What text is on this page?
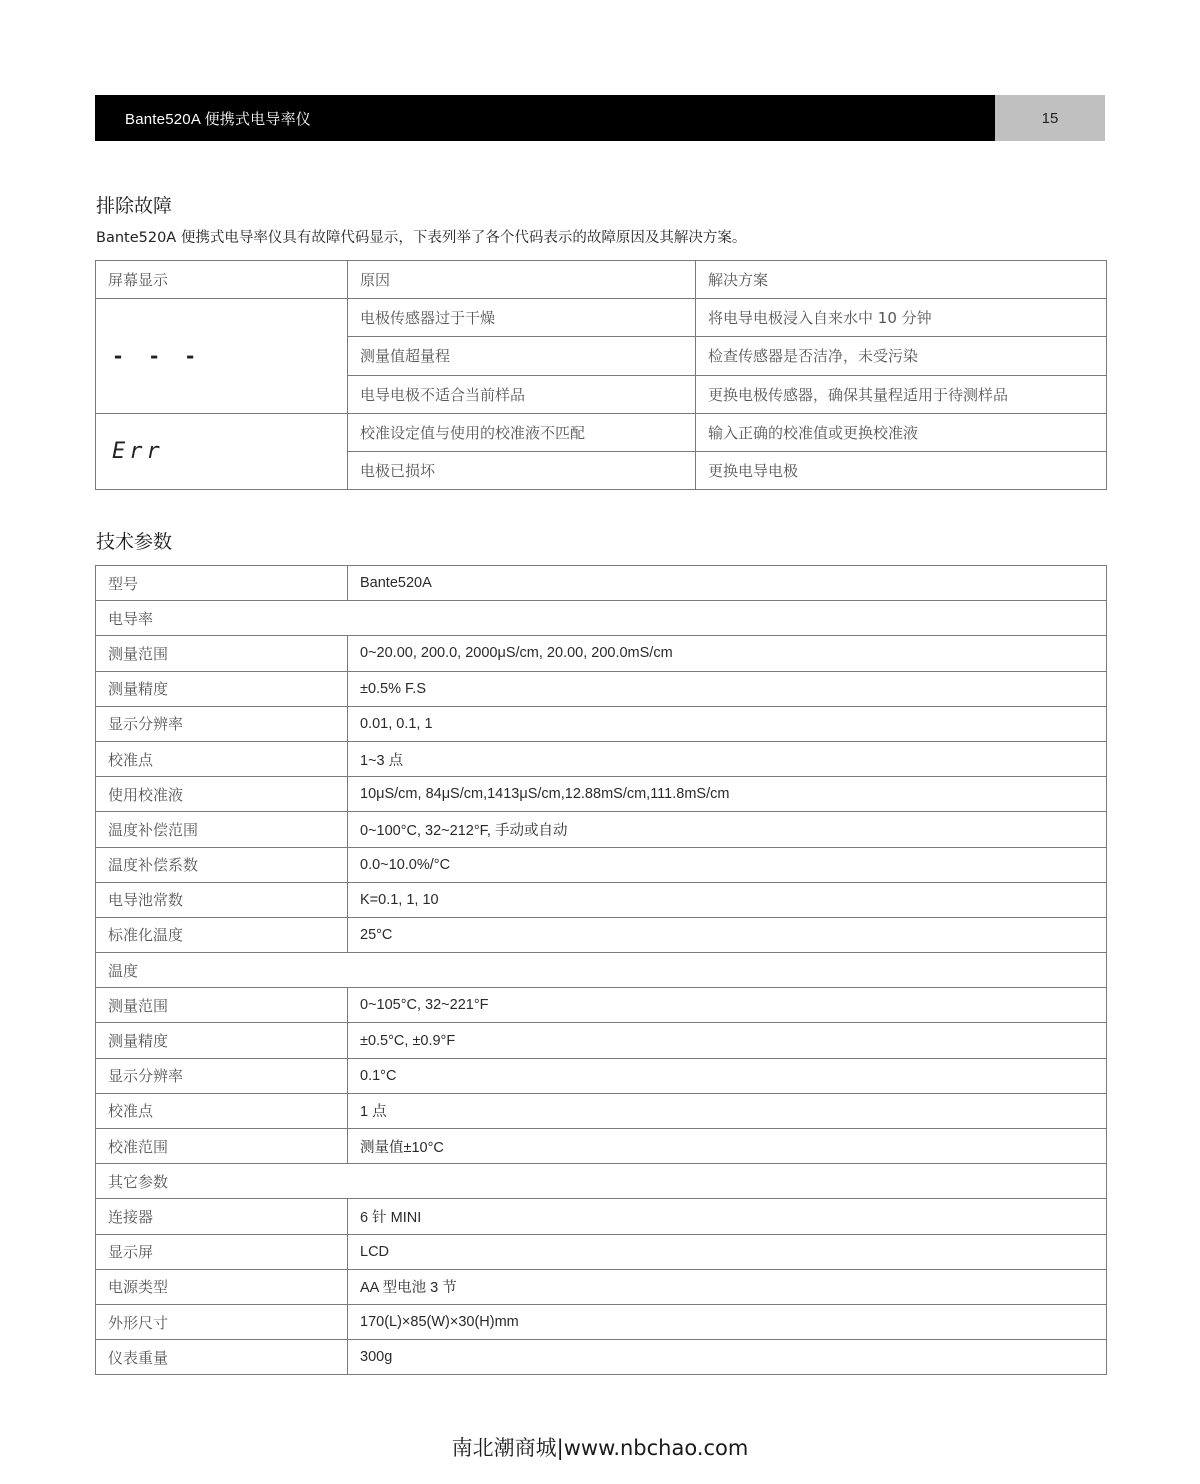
Bante520A 便携式电导率仪	15
排除故障
Bante520A 便携式电导率仪具有故障代码显示，下表列举了各个代码表示的故障原因及其解决方案。
屏幕显示	原因	解决方案
- - -	电极传感器过于干燥	将电导电极浸入自来水中 10 分钟
	测量值超量程	检查传感器是否洁净，未受污染
	电导电极不适合当前样品	更换电极传感器，确保其量程适用于待测样品
Err	校准设定值与使用的校准液不匹配	输入正确的校准值或更换校准液
	电极已损坏	更换电导电极
技术参数
型号	Bante520A
电导率	
测量范围	0~20.00, 200.0, 2000μS/cm, 20.00, 200.0mS/cm
测量精度	±0.5% F.S
显示分辨率	0.01, 0.1, 1
校准点	1~3 点
使用校准液	10μS/cm, 84μS/cm,1413μS/cm,12.88mS/cm,111.8mS/cm
温度补偿范围	0~100°C, 32~212°F, 手动或自动
温度补偿系数	0.0~10.0%/°C
电导池常数	K=0.1, 1, 10
标准化温度	25°C
温度	
测量范围	0~105°C, 32~221°F
测量精度	±0.5°C, ±0.9°F
显示分辨率	0.1°C
校准点	1 点
校准范围	测量值±10°C
其它参数	
连接器	6 针 MINI
显示屏	LCD
电源类型	AA 型电池 3 节
外形尺寸	170(L)×85(W)×30(H)mm
仪表重量	300g
南北潮商城|www.nbchao.com
